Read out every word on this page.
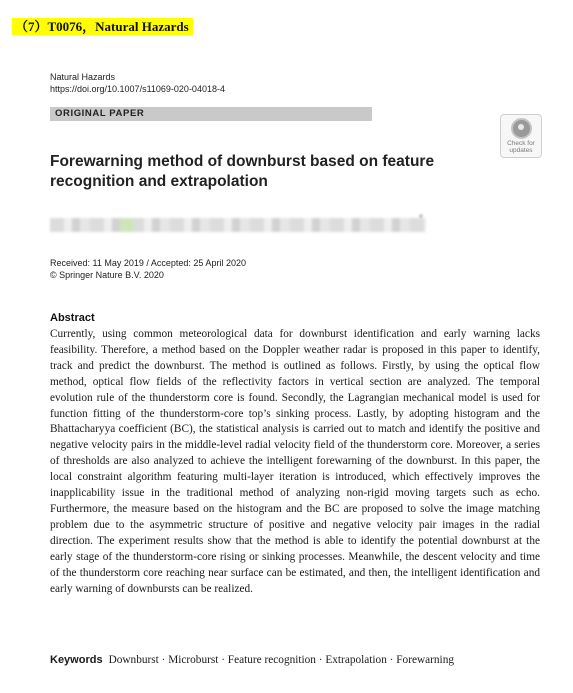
（7）T0076，Natural Hazards
Natural Hazards
https://doi.org/10.1007/s11069-020-04018-4
ORIGINAL PAPER
Check for
updates
Forewarning method of downburst based on feature recognition and extrapolation
Received: 11 May 2019 / Accepted: 25 April 2020
© Springer Nature B.V. 2020
Abstract
Currently, using common meteorological data for downburst identification and early warning lacks feasibility. Therefore, a method based on the Doppler weather radar is proposed in this paper to identify, track and predict the downburst. The method is outlined as follows. Firstly, by using the optical flow method, optical flow fields of the reflectivity factors in vertical section are analyzed. The temporal evolution rule of the thunderstorm core is found. Secondly, the Lagrangian mechanical model is used for function fitting of the thunderstorm-core top’s sinking process. Lastly, by adopting histogram and the Bhattacharyya coefficient (BC), the statistical analysis is carried out to match and identify the positive and negative velocity pairs in the middle-level radial velocity field of the thunderstorm core. Moreover, a series of thresholds are also analyzed to achieve the intelligent forewarning of the downburst. In this paper, the local constraint algorithm featuring multi-layer iteration is introduced, which effectively improves the inapplicability issue in the traditional method of analyzing non-rigid moving targets such as echo. Furthermore, the measure based on the histogram and the BC are proposed to solve the image matching problem due to the asymmetric structure of positive and negative velocity pair images in the radial direction. The experiment results show that the method is able to identify the potential downburst at the early stage of the thunderstorm-core rising or sinking processes. Meanwhile, the descent velocity and time of the thunderstorm core reaching near surface can be estimated, and then, the intelligent identification and early warning of downbursts can be realized.
Keywords Downburst · Microburst · Feature recognition · Extrapolation · Forewarning
